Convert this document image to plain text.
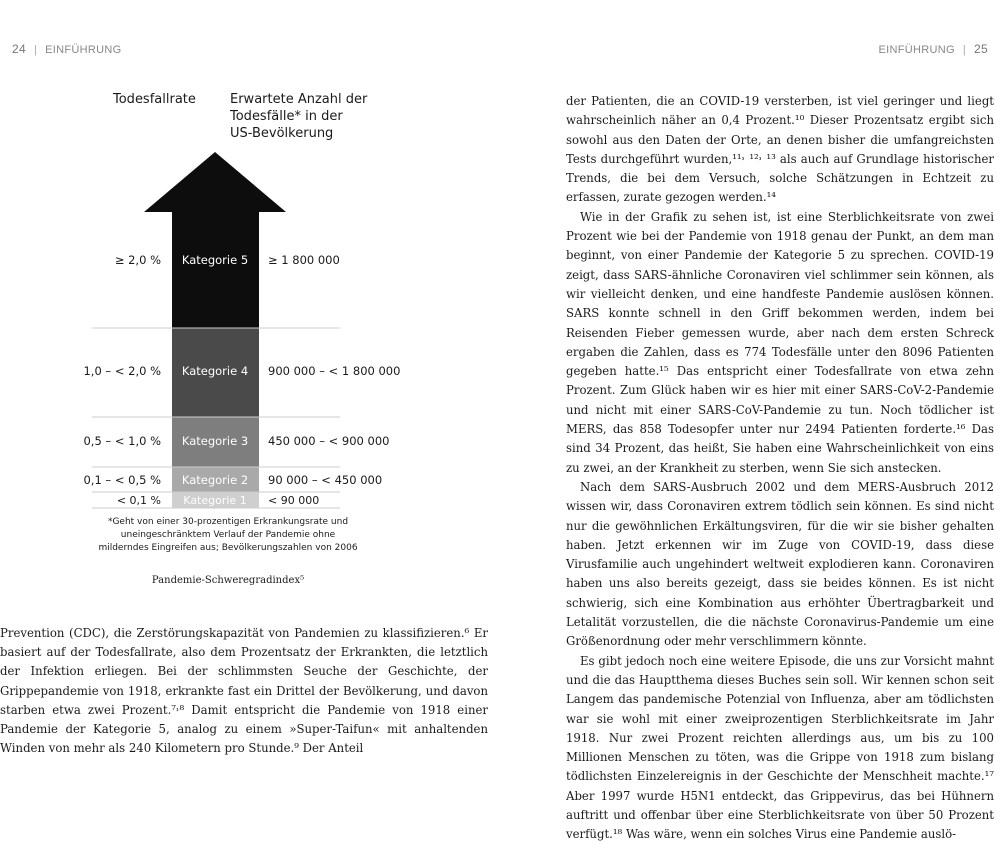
24 | EINFÜHRUNG	EINFÜHRUNG | 25
Todesfallrate	Erwartete Anzahl der
Todesfälle* in der
US-Bevölkerung
≥ 2,0 % Kategorie 5 ≥ 1 800 000
1,0 – < 2,0 % Kategorie 4 900 000 – < 1 800 000
0,5 – < 1,0 % Kategorie 3 450 000 – < 900 000
0,1 – < 0,5 % Kategorie 2 90 000 – < 450 000
< 0,1 % Kategorie 1 < 90 000
*Geht von einer 30-prozentigen Erkrankungsrate und
uneingeschränktem Verlauf der Pandemie ohne
milderndes Eingreifen aus; Bevölkerungszahlen von 2006
Pandemie-Schweregradindex⁵

Prevention (CDC), die Zerstörungskapazität von Pandemien zu klassifizieren.⁶ Er basiert auf der Todesfallrate, also dem Prozentsatz der Erkrankten, die letztlich der Infektion erliegen. Bei der schlimmsten Seuche der Geschichte, der Grippepandemie von 1918, erkrankte fast ein Drittel der Bevölkerung, und davon starben etwa zwei Prozent.⁷˒⁸ Damit entspricht die Pandemie von 1918 einer Pandemie der Kategorie 5, analog zu einem »Super-Taifun« mit anhaltenden Winden von mehr als 240 Kilometern pro Stunde.⁹ Der Anteil

der Patienten, die an COVID-19 versterben, ist viel geringer und liegt wahrscheinlich näher an 0,4 Prozent.¹⁰ Dieser Prozentsatz ergibt sich sowohl aus den Daten der Orte, an denen bisher die umfangreichsten Tests durchgeführt wurden,¹¹˒ ¹²˒ ¹³ als auch auf Grundlage historischer Trends, die bei dem Versuch, solche Schätzungen in Echtzeit zu erfassen, zurate gezogen werden.¹⁴

Wie in der Grafik zu sehen ist, ist eine Sterblichkeitsrate von zwei Prozent wie bei der Pandemie von 1918 genau der Punkt, an dem man beginnt, von einer Pandemie der Kategorie 5 zu sprechen. COVID-19 zeigt, dass SARS-ähnliche Coronaviren viel schlimmer sein können, als wir vielleicht denken, und eine handfeste Pandemie auslösen können. SARS konnte schnell in den Griff bekommen werden, indem bei Reisenden Fieber gemessen wurde, aber nach dem ersten Schreck ergaben die Zahlen, dass es 774 Todesfälle unter den 8096 Patienten gegeben hatte.¹⁵ Das entspricht einer Todesfallrate von etwa zehn Prozent. Zum Glück haben wir es hier mit einer SARS-CoV-2-Pandemie und nicht mit einer SARS-CoV-Pandemie zu tun. Noch tödlicher ist MERS, das 858 Todesopfer unter nur 2494 Patienten forderte.¹⁶ Das sind 34 Prozent, das heißt, Sie haben eine Wahrscheinlichkeit von eins zu zwei, an der Krankheit zu sterben, wenn Sie sich anstecken.

Nach dem SARS-Ausbruch 2002 und dem MERS-Ausbruch 2012 wissen wir, dass Coronaviren extrem tödlich sein können. Es sind nicht nur die gewöhnlichen Erkältungsviren, für die wir sie bisher gehalten haben. Jetzt erkennen wir im Zuge von COVID-19, dass diese Virusfamilie auch ungehindert weltweit explodieren kann. Coronaviren haben uns also bereits gezeigt, dass sie beides können. Es ist nicht schwierig, sich eine Kombination aus erhöhter Übertragbarkeit und Letalität vorzustellen, die die nächste Coronavirus-Pandemie um eine Größenordnung oder mehr verschlimmern könnte.

Es gibt jedoch noch eine weitere Episode, die uns zur Vorsicht mahnt und die das Hauptthema dieses Buches sein soll. Wir kennen schon seit Langem das pandemische Potenzial von Influenza, aber am tödlichsten war sie wohl mit einer zweiprozentigen Sterblichkeitsrate im Jahr 1918. Nur zwei Prozent reichten allerdings aus, um bis zu 100 Millionen Menschen zu töten, was die Grippe von 1918 zum bislang tödlichsten Einzelereignis in der Geschichte der Menschheit machte.¹⁷ Aber 1997 wurde H5N1 entdeckt, das Grippevirus, das bei Hühnern auftritt und offenbar über eine Sterblichkeitsrate von über 50 Prozent verfügt.¹⁸ Was wäre, wenn ein solches Virus eine Pandemie auslö-
